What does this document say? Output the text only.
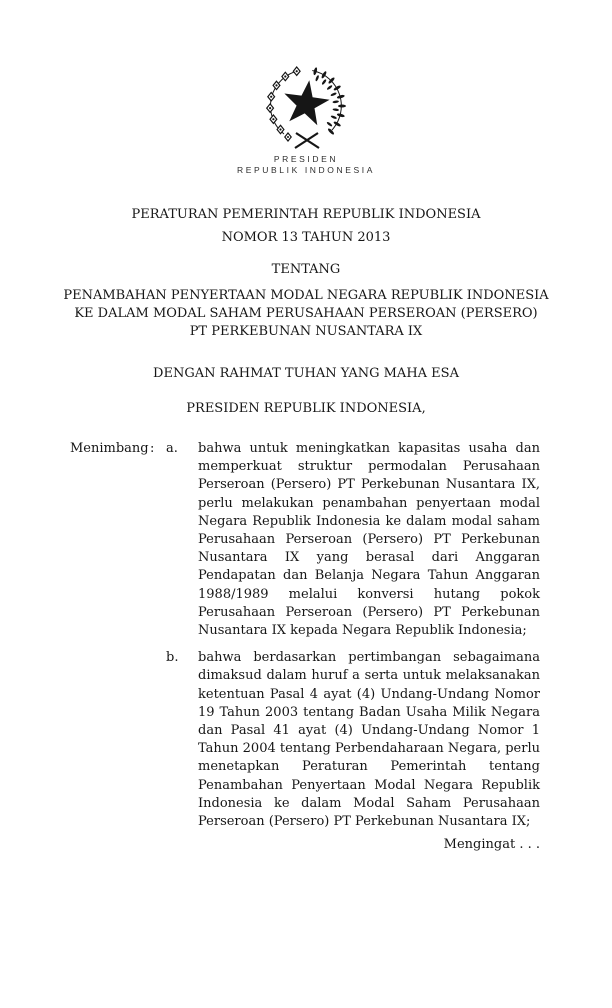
PRESIDEN
REPUBLIK INDONESIA
PERATURAN PEMERINTAH REPUBLIK INDONESIA
NOMOR 13 TAHUN 2013
TENTANG
PENAMBAHAN PENYERTAAN MODAL NEGARA REPUBLIK INDONESIA
KE DALAM MODAL SAHAM PERUSAHAAN PERSEROAN (PERSERO)
PT PERKEBUNAN NUSANTARA IX
DENGAN RAHMAT TUHAN YANG MAHA ESA
PRESIDEN REPUBLIK INDONESIA,
Menimbang : a.	bahwa untuk meningkatkan kapasitas usaha dan memperkuat struktur permodalan Perusahaan Perseroan (Persero) PT Perkebunan Nusantara IX, perlu melakukan penambahan penyertaan modal Negara Republik Indonesia ke dalam modal saham Perusahaan Perseroan (Persero) PT Perkebunan Nusantara IX yang berasal dari Anggaran Pendapatan dan Belanja Negara Tahun Anggaran 1988/1989 melalui konversi hutang pokok Perusahaan Perseroan (Persero) PT Perkebunan Nusantara IX kepada Negara Republik Indonesia;
b.	bahwa berdasarkan pertimbangan sebagaimana dimaksud dalam huruf a serta untuk melaksanakan ketentuan Pasal 4 ayat (4) Undang-Undang Nomor 19 Tahun 2003 tentang Badan Usaha Milik Negara dan Pasal 41 ayat (4) Undang-Undang Nomor 1 Tahun 2004 tentang Perbendaharaan Negara, perlu menetapkan Peraturan Pemerintah tentang Penambahan Penyertaan Modal Negara Republik Indonesia ke dalam Modal Saham Perusahaan Perseroan (Persero) PT Perkebunan Nusantara IX;
Mengingat . . .
